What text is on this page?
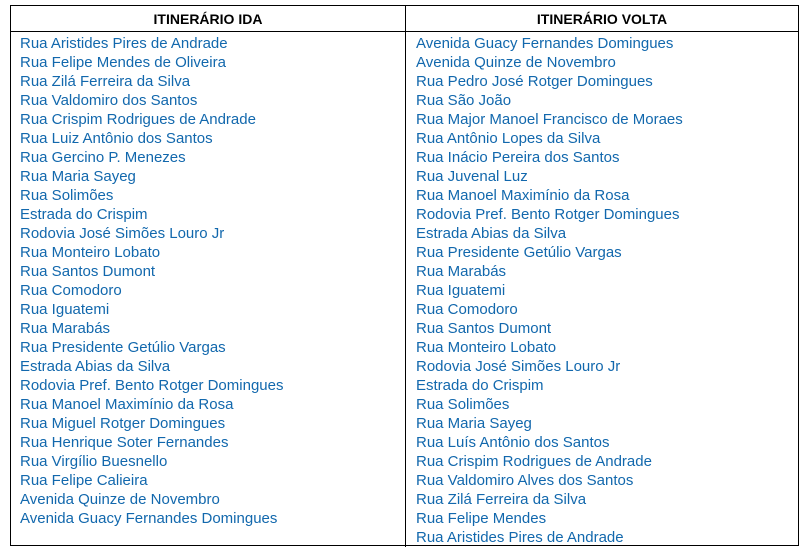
ITINERÁRIO IDA	ITINERÁRIO VOLTA
Rua Aristides Pires de Andrade
Rua Felipe Mendes de Oliveira
Rua Zilá Ferreira da Silva
Rua Valdomiro dos Santos
Rua Crispim Rodrigues de Andrade
Rua Luiz Antônio dos Santos
Rua Gercino P. Menezes
Rua Maria Sayeg
Rua Solimões
Estrada do Crispim
Rodovia José Simões Louro Jr
Rua Monteiro Lobato
Rua Santos Dumont
Rua Comodoro
Rua Iguatemi
Rua Marabás
Rua Presidente Getúlio Vargas
Estrada Abias da Silva
Rodovia Pref. Bento Rotger Domingues
Rua Manoel Maximínio da Rosa
Rua Miguel Rotger Domingues
Rua Henrique Soter Fernandes
Rua Virgílio Buesnello
Rua Felipe Calieira
Avenida Quinze de Novembro
Avenida Guacy Fernandes Domingues
Avenida Guacy Fernandes Domingues
Avenida Quinze de Novembro
Rua Pedro José Rotger Domingues
Rua São João
Rua Major Manoel Francisco de Moraes
Rua Antônio Lopes da Silva
Rua Inácio Pereira dos Santos
Rua Juvenal Luz
Rua Manoel Maximínio da Rosa
Rodovia Pref. Bento Rotger Domingues
Estrada Abias da Silva
Rua Presidente Getúlio Vargas
Rua Marabás
Rua Iguatemi
Rua Comodoro
Rua Santos Dumont
Rua Monteiro Lobato
Rodovia José Simões Louro Jr
Estrada do Crispim
Rua Solimões
Rua Maria Sayeg
Rua Luís Antônio dos Santos
Rua Crispim Rodrigues de Andrade
Rua Valdomiro Alves dos Santos
Rua Zilá Ferreira da Silva
Rua Felipe Mendes
Rua Aristides Pires de Andrade
